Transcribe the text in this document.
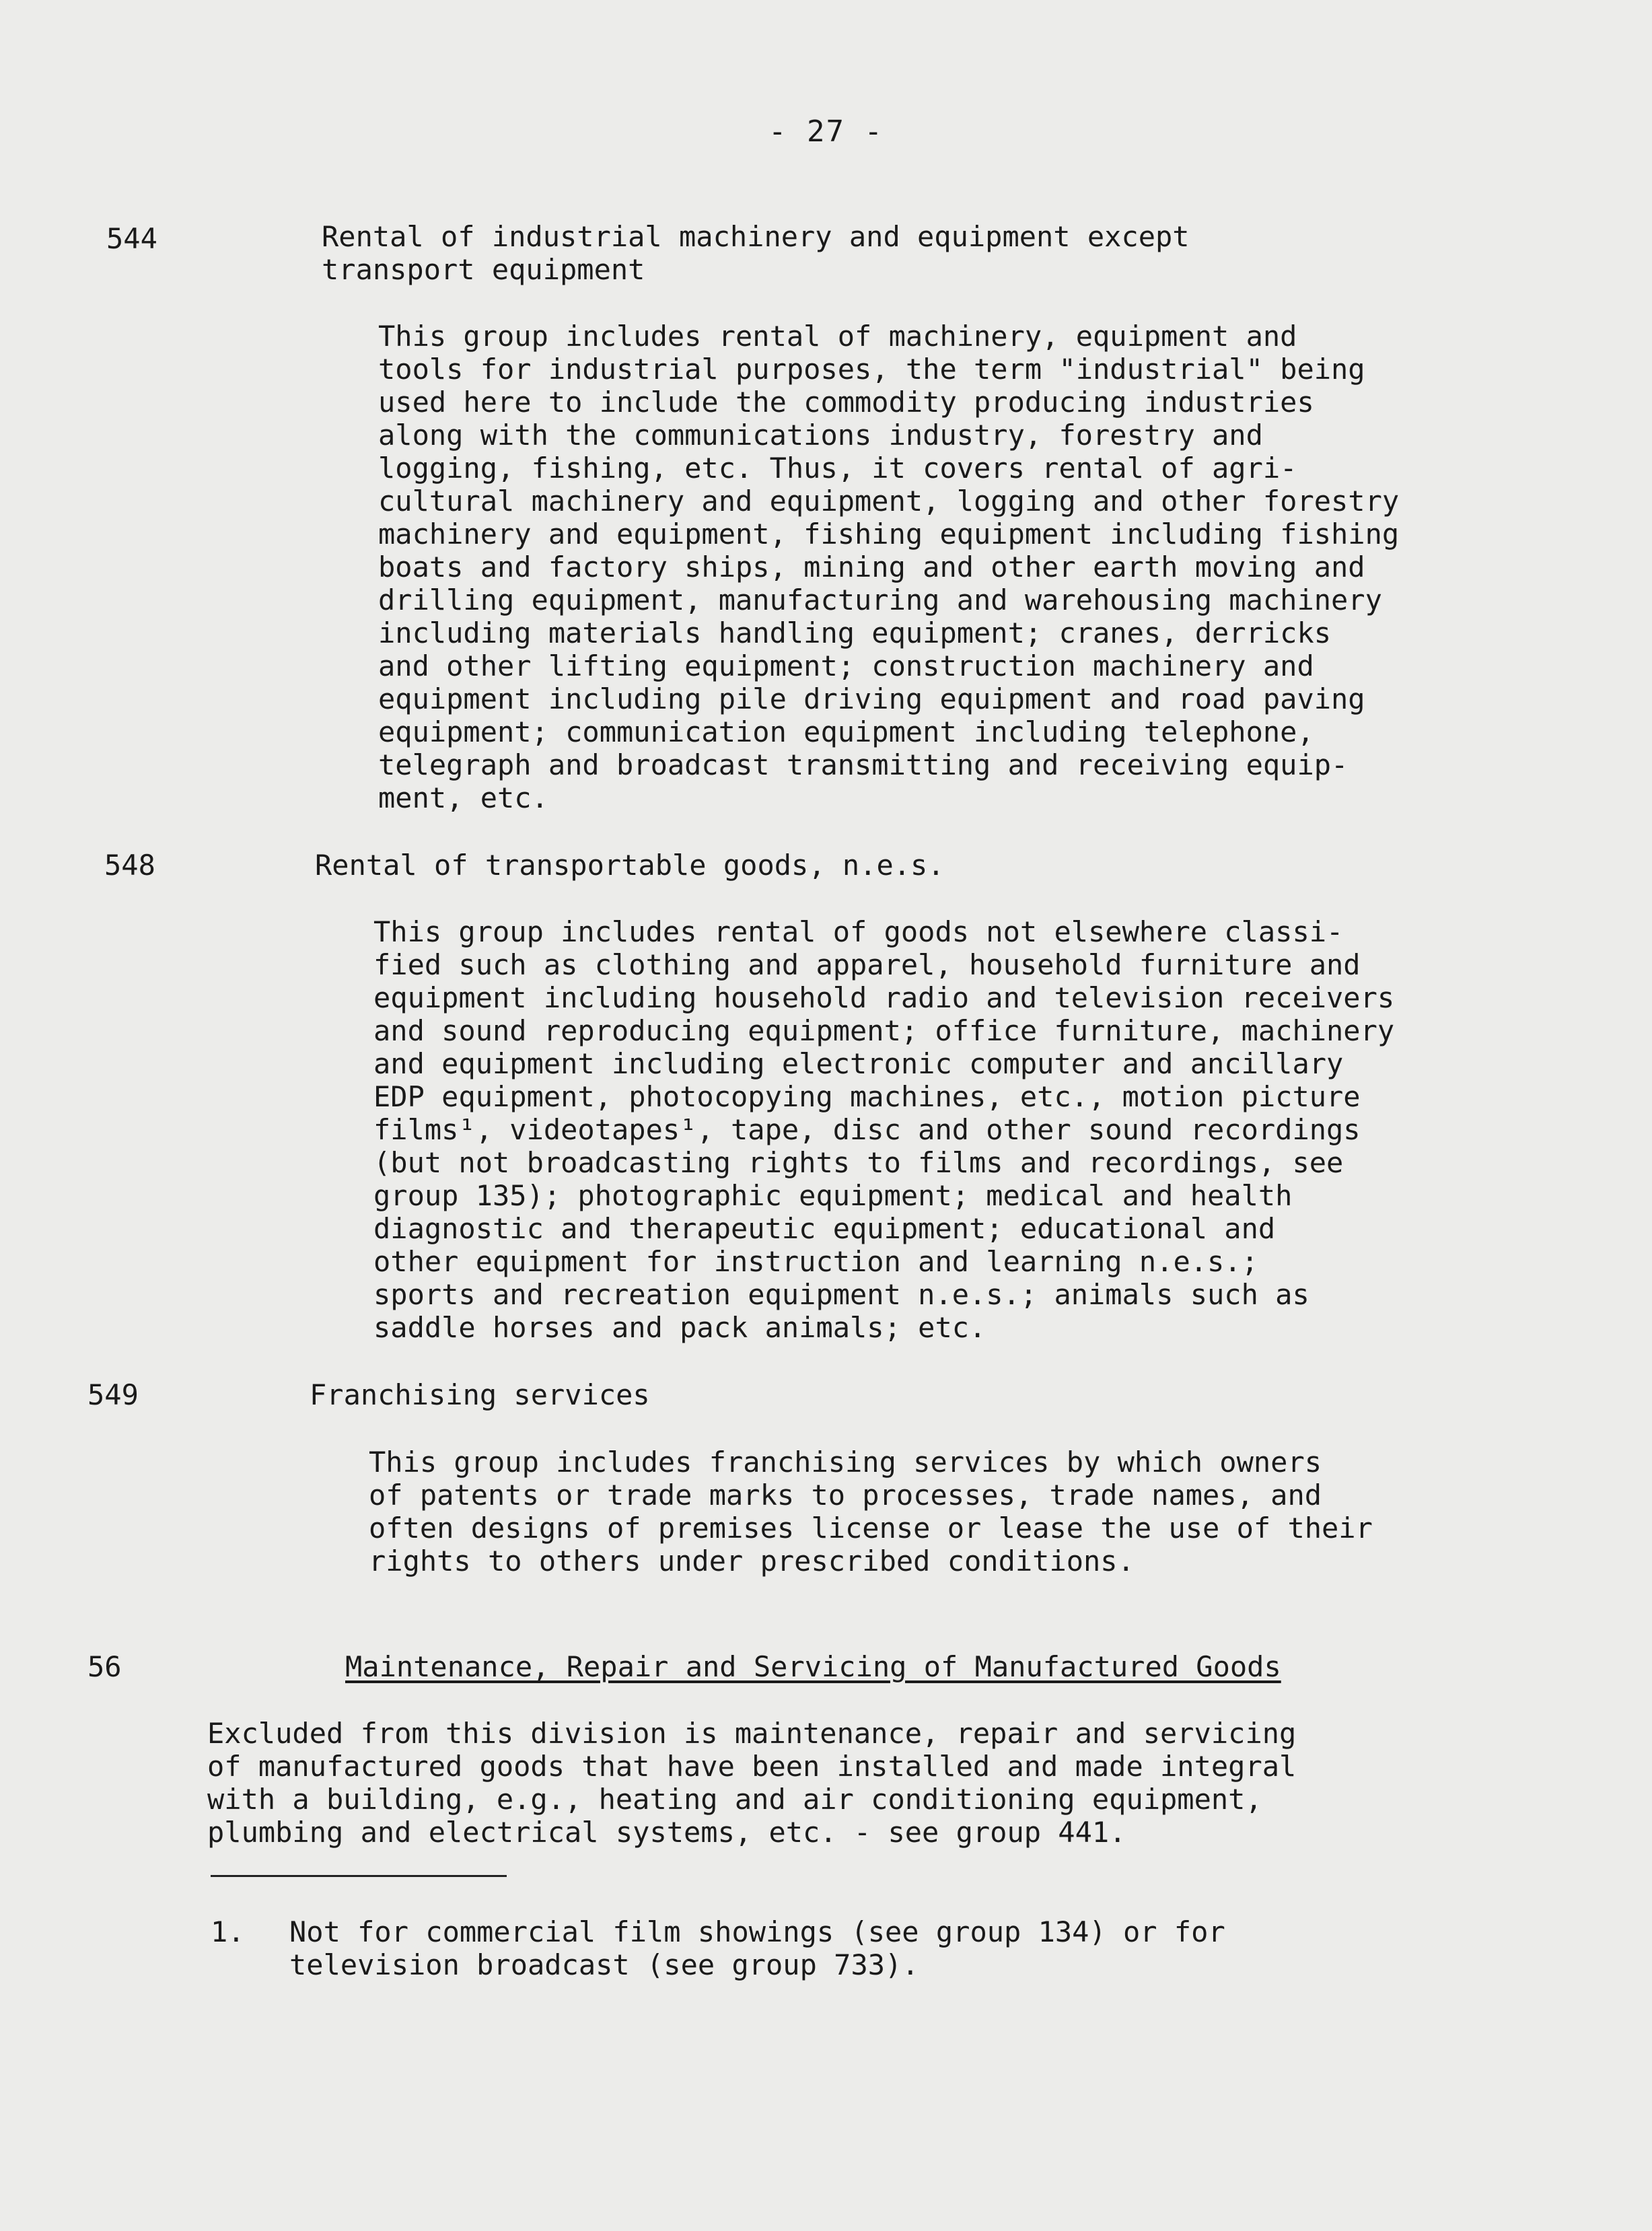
- 27 -
544	Rental of industrial machinery and equipment except
transport equipment
This group includes rental of machinery, equipment and
tools for industrial purposes, the term "industrial" being
used here to include the commodity producing industries
along with the communications industry, forestry and
logging, fishing, etc. Thus, it covers rental of agri-
cultural machinery and equipment, logging and other forestry
machinery and equipment, fishing equipment including fishing
boats and factory ships, mining and other earth moving and
drilling equipment, manufacturing and warehousing machinery
including materials handling equipment; cranes, derricks
and other lifting equipment; construction machinery and
equipment including pile driving equipment and road paving
equipment; communication equipment including telephone,
telegraph and broadcast transmitting and receiving equip-
ment, etc.
548	Rental of transportable goods, n.e.s.
This group includes rental of goods not elsewhere classi-
fied such as clothing and apparel, household furniture and
equipment including household radio and television receivers
and sound reproducing equipment; office furniture, machinery
and equipment including electronic computer and ancillary
EDP equipment, photocopying machines, etc., motion picture
films¹, videotapes¹, tape, disc and other sound recordings
(but not broadcasting rights to films and recordings, see
group 135); photographic equipment; medical and health
diagnostic and therapeutic equipment; educational and
other equipment for instruction and learning n.e.s.;
sports and recreation equipment n.e.s.; animals such as
saddle horses and pack animals; etc.
549	Franchising services
This group includes franchising services by which owners
of patents or trade marks to processes, trade names, and
often designs of premises license or lease the use of their
rights to others under prescribed conditions.
56	Maintenance, Repair and Servicing of Manufactured Goods
Excluded from this division is maintenance, repair and servicing
of manufactured goods that have been installed and made integral
with a building, e.g., heating and air conditioning equipment,
plumbing and electrical systems, etc. - see group 441.
1. Not for commercial film showings (see group 134) or for
television broadcast (see group 733).
